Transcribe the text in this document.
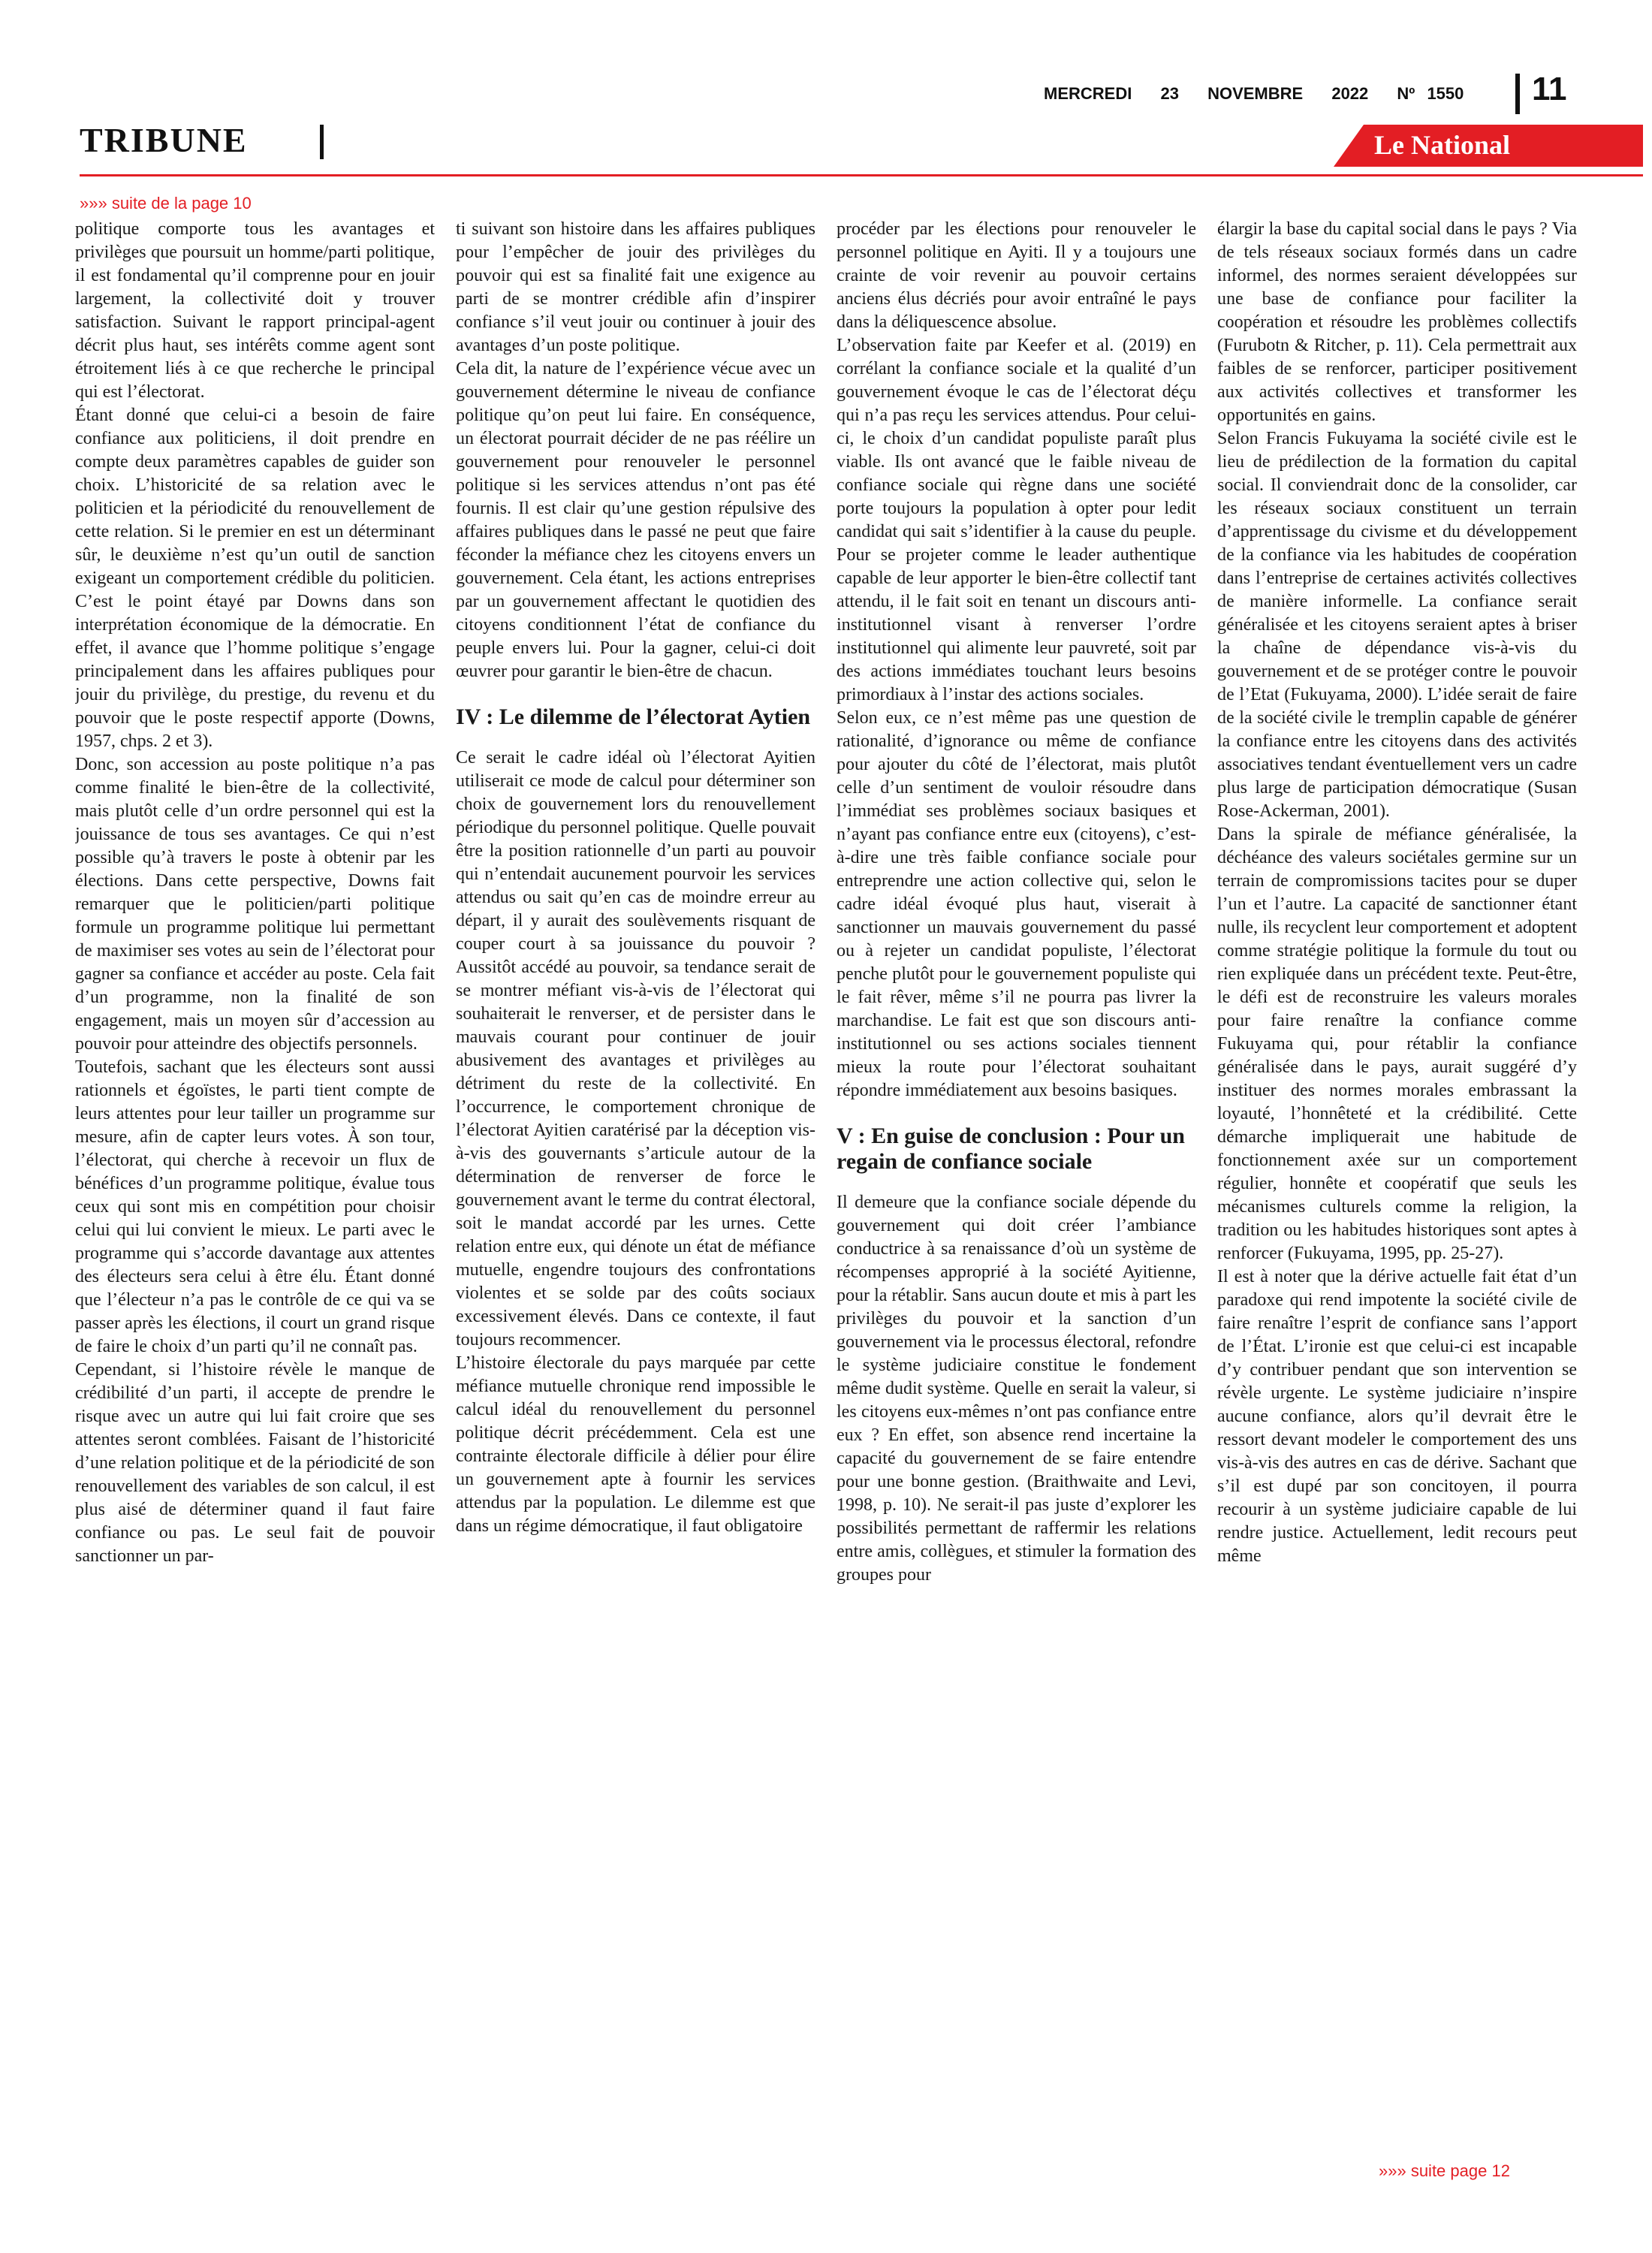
TRIBUNE
MERCREDI 23 NOVEMBRE 2022 Nº 1550	11
Le National
»»» suite de la page 10

politique comporte tous les avantages et privilèges que poursuit un homme/parti politique, il est fondamental qu’il comprenne pour en jouir largement, la collectivité doit y trouver satisfaction. Suivant le rapport principal-agent décrit plus haut, ses intérêts comme agent sont étroitement liés à ce que recherche le principal qui est l’électorat.

Étant donné que celui-ci a besoin de faire confiance aux politiciens, il doit prendre en compte deux paramètres capables de guider son choix. L’historicité de sa relation avec le politicien et la périodicité du renouvellement de cette relation. Si le premier en est un déterminant sûr, le deuxième n’est qu’un outil de sanction exigeant un comportement crédible du politicien. C’est le point étayé par Downs dans son interprétation économique de la démocratie. En effet, il avance que l’homme politique s’engage principalement dans les affaires publiques pour jouir du privilège, du prestige, du revenu et du pouvoir que le poste respectif apporte (Downs, 1957, chps. 2 et 3).

Donc, son accession au poste politique n’a pas comme finalité le bien-être de la collectivité, mais plutôt celle d’un ordre personnel qui est la jouissance de tous ses avantages. Ce qui n’est possible qu’à travers le poste à obtenir par les élections. Dans cette perspective, Downs fait remarquer que le politicien/parti politique formule un programme politique lui permettant de maximiser ses votes au sein de l’électorat pour gagner sa confiance et accéder au poste. Cela fait d’un programme, non la finalité de son engagement, mais un moyen sûr d’accession au pouvoir pour atteindre des objectifs personnels.

Toutefois, sachant que les électeurs sont aussi rationnels et égoïstes, le parti tient compte de leurs attentes pour leur tailler un programme sur mesure, afin de capter leurs votes. À son tour, l’électorat, qui cherche à recevoir un flux de bénéfices d’un programme politique, évalue tous ceux qui sont mis en compétition pour choisir celui qui lui convient le mieux. Le parti avec le programme qui s’accorde davantage aux attentes des électeurs sera celui à être élu. Étant donné que l’électeur n’a pas le contrôle de ce qui va se passer après les élections, il court un grand risque de faire le choix d’un parti qu’il ne connaît pas.

Cependant, si l’histoire révèle le manque de crédibilité d’un parti, il accepte de prendre le risque avec un autre qui lui fait croire que ses attentes seront comblées. Faisant de l’historicité d’une relation politique et de la périodicité de son renouvellement des variables de son calcul, il est plus aisé de déterminer quand il faut faire confiance ou pas. Le seul fait de pouvoir sanctionner un par-

ti suivant son histoire dans les affaires publiques pour l’empêcher de jouir des privilèges du pouvoir qui est sa finalité fait une exigence au parti de se montrer crédible afin d’inspirer confiance s’il veut jouir ou continuer à jouir des avantages d’un poste politique.

Cela dit, la nature de l’expérience vécue avec un gouvernement détermine le niveau de confiance politique qu’on peut lui faire. En conséquence, un électorat pourrait décider de ne pas réélire un gouvernement pour renouveler le personnel politique si les services attendus n’ont pas été fournis. Il est clair qu’une gestion répulsive des affaires publiques dans le passé ne peut que faire féconder la méfiance chez les citoyens envers un gouvernement. Cela étant, les actions entreprises par un gouvernement affectant le quotidien des citoyens conditionnent l’état de confiance du peuple envers lui. Pour la gagner, celui-ci doit œuvrer pour garantir le bien-être de chacun.

IV : Le dilemme de l’électorat Aytien

Ce serait le cadre idéal où l’électorat Ayitien utiliserait ce mode de calcul pour déterminer son choix de gouvernement lors du renouvellement périodique du personnel politique. Quelle pouvait être la position rationnelle d’un parti au pouvoir qui n’entendait aucunement pourvoir les services attendus ou sait qu’en cas de moindre erreur au départ, il y aurait des soulèvements risquant de couper court à sa jouissance du pouvoir ? Aussitôt accédé au pouvoir, sa tendance serait de se montrer méfiant vis-à-vis de l’électorat qui souhaiterait le renverser, et de persister dans le mauvais courant pour continuer de jouir abusivement des avantages et privilèges au détriment du reste de la collectivité. En l’occurrence, le comportement chronique de l’électorat Ayitien caratérisé par la déception vis-à-vis des gouvernants s’articule autour de la détermination de renverser de force le gouvernement avant le terme du contrat électoral, soit le mandat accordé par les urnes. Cette relation entre eux, qui dénote un état de méfiance mutuelle, engendre toujours des confrontations violentes et se solde par des coûts sociaux excessivement élevés. Dans ce contexte, il faut toujours recommencer.

L’histoire électorale du pays marquée par cette méfiance mutuelle chronique rend impossible le calcul idéal du renouvellement du personnel politique décrit précédemment. Cela est une contrainte électorale difficile à délier pour élire un gouvernement apte à fournir les services attendus par la population. Le dilemme est que dans un régime démocratique, il faut obligatoire

procéder par les élections pour renouveler le personnel politique en Ayiti. Il y a toujours une crainte de voir revenir au pouvoir certains anciens élus décriés pour avoir entraîné le pays dans la déliquescence absolue.

L’observation faite par Keefer et al. (2019) en corrélant la confiance sociale et la qualité d’un gouvernement évoque le cas de l’électorat déçu qui n’a pas reçu les services attendus. Pour celui-ci, le choix d’un candidat populiste paraît plus viable. Ils ont avancé que le faible niveau de confiance sociale qui règne dans une société porte toujours la population à opter pour ledit candidat qui sait s’identifier à la cause du peuple. Pour se projeter comme le leader authentique capable de leur apporter le bien-être collectif tant attendu, il le fait soit en tenant un discours anti-institutionnel visant à renverser l’ordre institutionnel qui alimente leur pauvreté, soit par des actions immédiates touchant leurs besoins primordiaux à l’instar des actions sociales.

Selon eux, ce n’est même pas une question de rationalité, d’ignorance ou même de confiance pour ajouter du côté de l’électorat, mais plutôt celle d’un sentiment de vouloir résoudre dans l’immédiat ses problèmes sociaux basiques et n’ayant pas confiance entre eux (citoyens), c’est-à-dire une très faible confiance sociale pour entreprendre une action collective qui, selon le cadre idéal évoqué plus haut, viserait à sanctionner un mauvais gouvernement du passé ou à rejeter un candidat populiste, l’électorat penche plutôt pour le gouvernement populiste qui le fait rêver, même s’il ne pourra pas livrer la marchandise. Le fait est que son discours anti-institutionnel ou ses actions sociales tiennent mieux la route pour l’électorat souhaitant répondre immédiatement aux besoins basiques.

V : En guise de conclusion : Pour un regain de confiance sociale

Il demeure que la confiance sociale dépende du gouvernement qui doit créer l’ambiance conductrice à sa renaissance d’où un système de récompenses approprié à la société Ayitienne, pour la rétablir. Sans aucun doute et mis à part les privilèges du pouvoir et la sanction d’un gouvernement via le processus électoral, refondre le système judiciaire constitue le fondement même dudit système. Quelle en serait la valeur, si les citoyens eux-mêmes n’ont pas confiance entre eux ? En effet, son absence rend incertaine la capacité du gouvernement de se faire entendre pour une bonne gestion. (Braithwaite and Levi, 1998, p. 10). Ne serait-il pas juste d’explorer les possibilités permettant de raffermir les relations entre amis, collègues, et stimuler la formation des groupes pour

élargir la base du capital social dans le pays ? Via de tels réseaux sociaux formés dans un cadre informel, des normes seraient développées sur une base de confiance pour faciliter la coopération et résoudre les problèmes collectifs (Furubotn & Ritcher, p. 11). Cela permettrait aux faibles de se renforcer, participer positivement aux activités collectives et transformer les opportunités en gains.

Selon Francis Fukuyama la société civile est le lieu de prédilection de la formation du capital social. Il conviendrait donc de la consolider, car les réseaux sociaux constituent un terrain d’apprentissage du civisme et du développement de la confiance via les habitudes de coopération dans l’entreprise de certaines activités collectives de manière informelle. La confiance serait généralisée et les citoyens seraient aptes à briser la chaîne de dépendance vis-à-vis du gouvernement et de se protéger contre le pouvoir de l’Etat (Fukuyama, 2000). L’idée serait de faire de la société civile le tremplin capable de générer la confiance entre les citoyens dans des activités associatives tendant éventuellement vers un cadre plus large de participation démocratique (Susan Rose-Ackerman, 2001).

Dans la spirale de méfiance généralisée, la déchéance des valeurs sociétales germine sur un terrain de compromissions tacites pour se duper l’un et l’autre. La capacité de sanctionner étant nulle, ils recyclent leur comportement et adoptent comme stratégie politique la formule du tout ou rien expliquée dans un précédent texte. Peut-être, le défi est de reconstruire les valeurs morales pour faire renaître la confiance comme Fukuyama qui, pour rétablir la confiance généralisée dans le pays, aurait suggéré d’y instituer des normes morales embrassant la loyauté, l’honnêteté et la crédibilité. Cette démarche impliquerait une habitude de fonctionnement axée sur un comportement régulier, honnête et coopératif que seuls les mécanismes culturels comme la religion, la tradition ou les habitudes historiques sont aptes à renforcer (Fukuyama, 1995, pp. 25-27).

Il est à noter que la dérive actuelle fait état d’un paradoxe qui rend impotente la société civile de faire renaître l’esprit de confiance sans l’apport de l’État. L’ironie est que celui-ci est incapable d’y contribuer pendant que son intervention se révèle urgente. Le système judiciaire n’inspire aucune confiance, alors qu’il devrait être le ressort devant modeler le comportement des uns vis-à-vis des autres en cas de dérive. Sachant que s’il est dupé par son concitoyen, il pourra recourir à un système judiciaire capable de lui rendre justice. Actuellement, ledit recours peut même

»»» suite page 12
